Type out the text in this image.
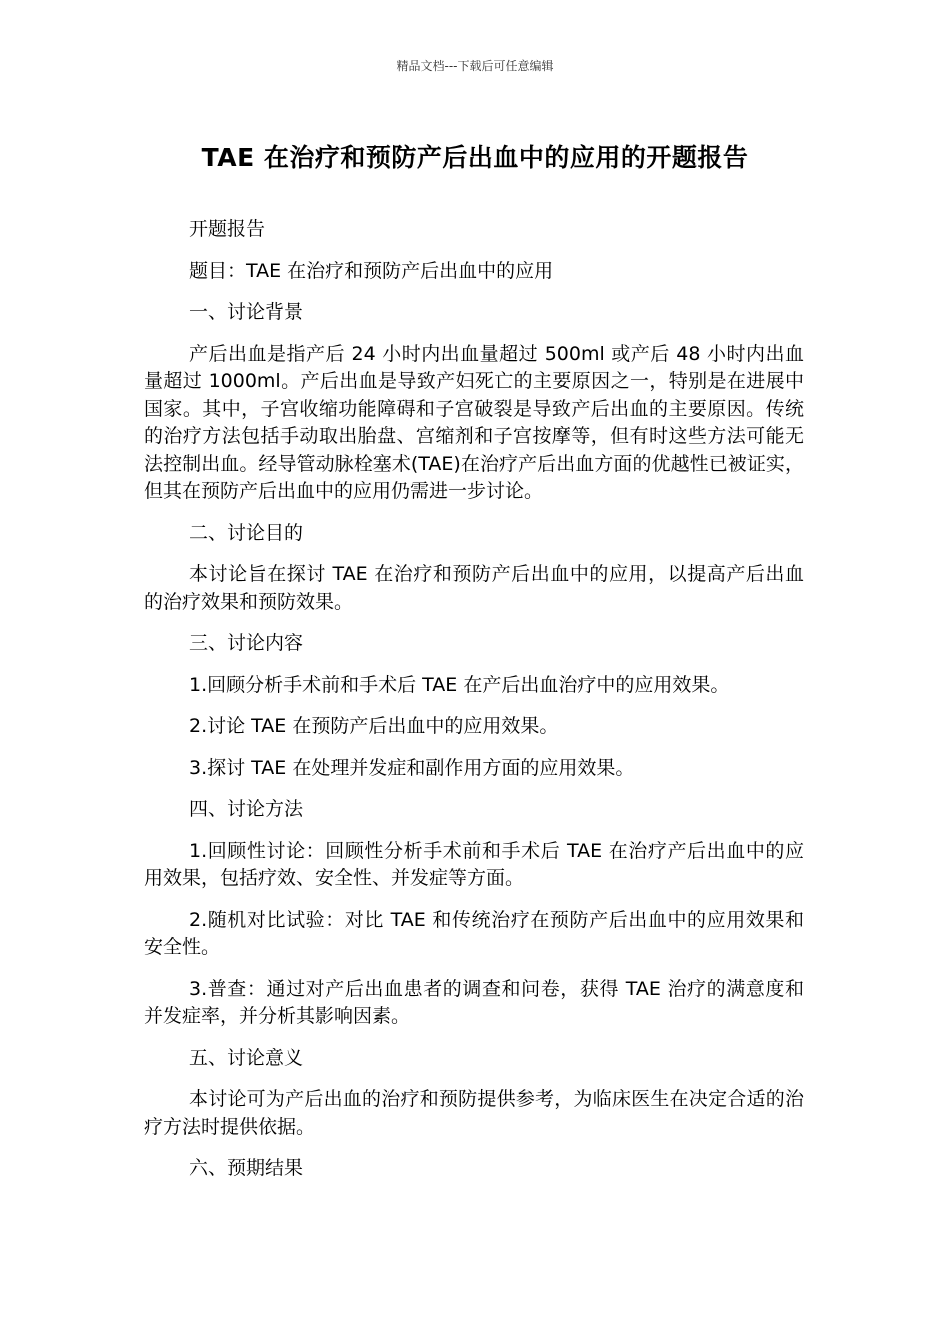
精品文档---下载后可任意编辑
TAE 在治疗和预防产后出血中的应用的开题报告

开题报告

题目：TAE 在治疗和预防产后出血中的应用

一、讨论背景

产后出血是指产后 24 小时内出血量超过 500ml 或产后 48 小时内出血量超过 1000ml。产后出血是导致产妇死亡的主要原因之一，特别是在进展中国家。其中，子宫收缩功能障碍和子宫破裂是导致产后出血的主要原因。传统的治疗方法包括手动取出胎盘、宫缩剂和子宫按摩等，但有时这些方法可能无法控制出血。经导管动脉栓塞术(TAE)在治疗产后出血方面的优越性已被证实，但其在预防产后出血中的应用仍需进一步讨论。

二、讨论目的

本讨论旨在探讨 TAE 在治疗和预防产后出血中的应用，以提高产后出血的治疗效果和预防效果。

三、讨论内容

1.回顾分析手术前和手术后 TAE 在产后出血治疗中的应用效果。

2.讨论 TAE 在预防产后出血中的应用效果。

3.探讨 TAE 在处理并发症和副作用方面的应用效果。

四、讨论方法

1.回顾性讨论：回顾性分析手术前和手术后 TAE 在治疗产后出血中的应用效果，包括疗效、安全性、并发症等方面。

2.随机对比试验：对比 TAE 和传统治疗在预防产后出血中的应用效果和安全性。

3.普查：通过对产后出血患者的调查和问卷，获得 TAE 治疗的满意度和并发症率，并分析其影响因素。

五、讨论意义

本讨论可为产后出血的治疗和预防提供参考，为临床医生在决定合适的治疗方法时提供依据。

六、预期结果
